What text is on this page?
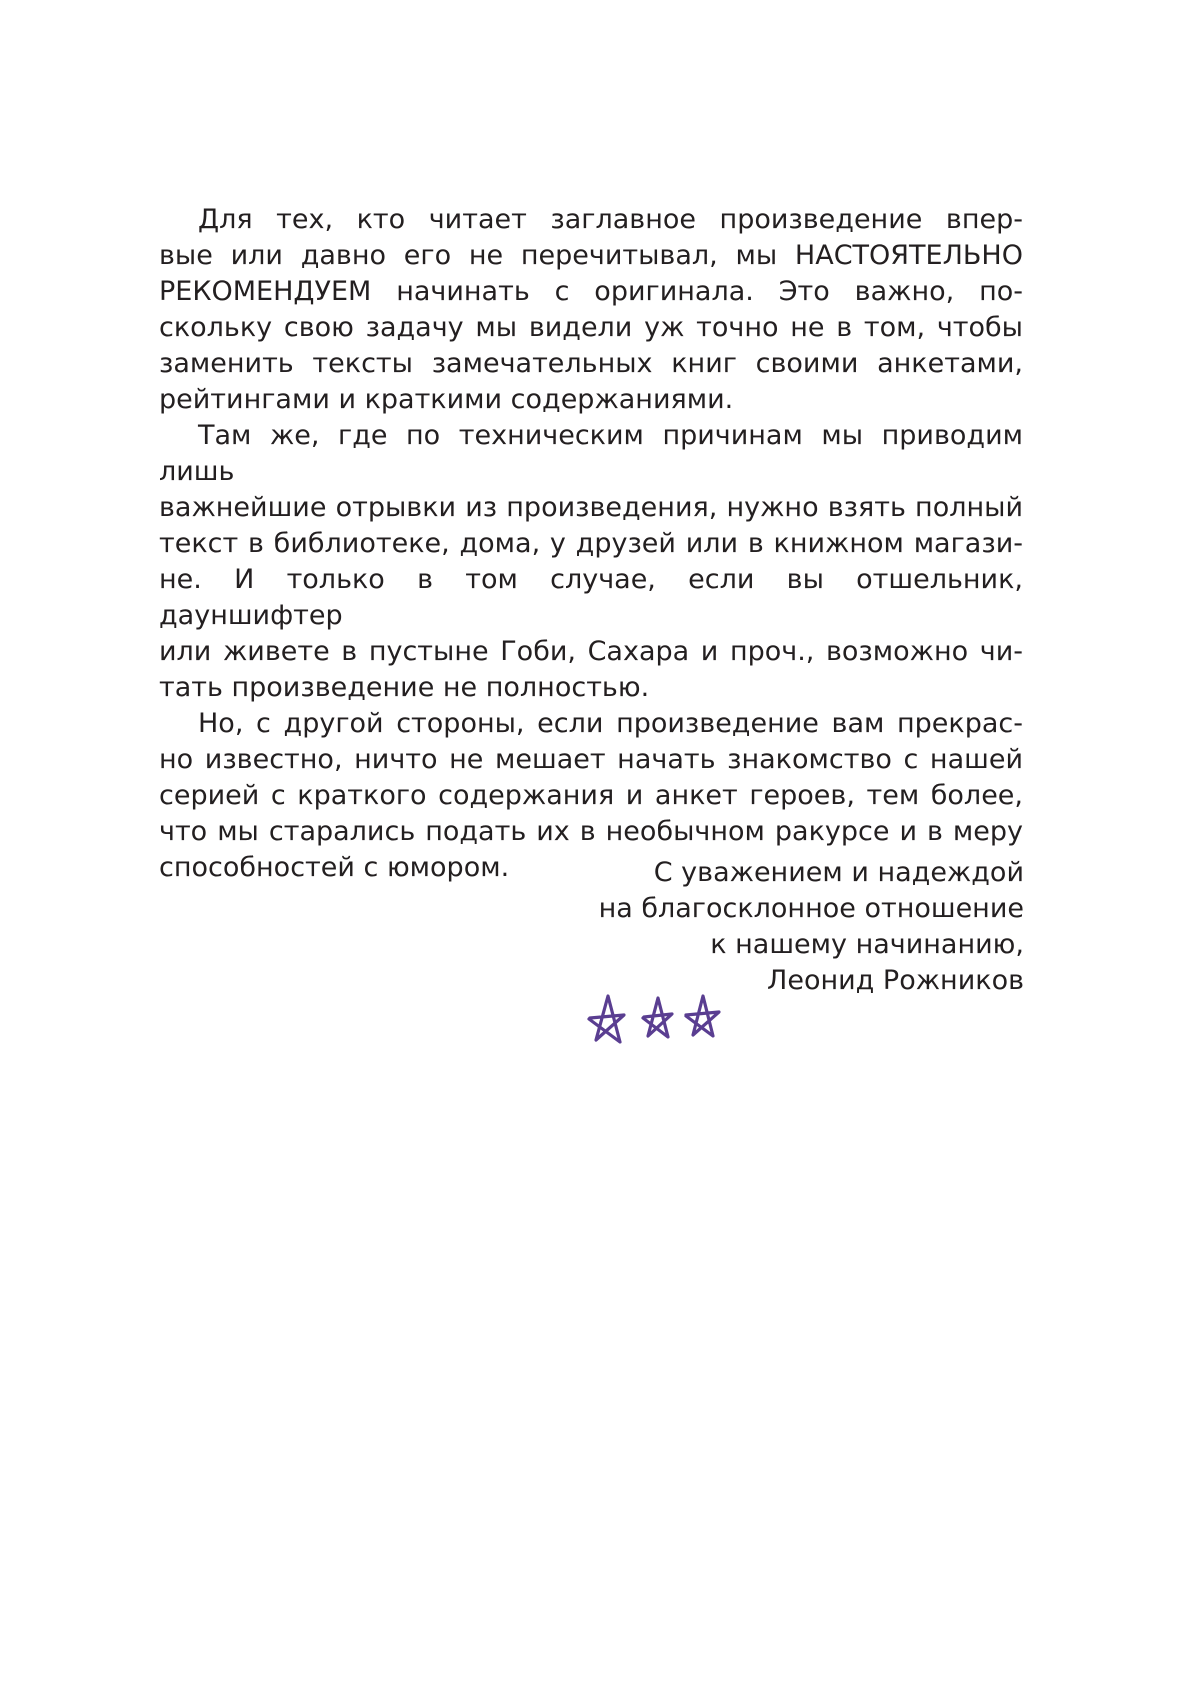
Для тех, кто читает заглавное произведение впер-
вые или давно его не перечитывал, мы НАСТОЯТЕЛЬНО
РЕКОМЕНДУЕМ начинать с оригинала. Это важно, по-
скольку свою задачу мы видели уж точно не в том, чтобы
заменить тексты замечательных книг своими анкетами,
рейтингами и краткими содержаниями.

Там же, где по техническим причинам мы приводим лишь
важнейшие отрывки из произведения, нужно взять полный
текст в библиотеке, дома, у друзей или в книжном магази-
не. И только в том случае, если вы отшельник, дауншифтер
или живете в пустыне Гоби, Сахара и проч., возможно чи-
тать произведение не полностью.

Но, с другой стороны, если произведение вам прекрас-
но известно, ничто не мешает начать знакомство с нашей
серией с краткого содержания и анкет героев, тем более,
что мы старались подать их в необычном ракурсе и в меру
способностей с юмором.	С уважением и надеждой
на благосклонное отношение
к нашему начинанию,
Леонид Рожников
